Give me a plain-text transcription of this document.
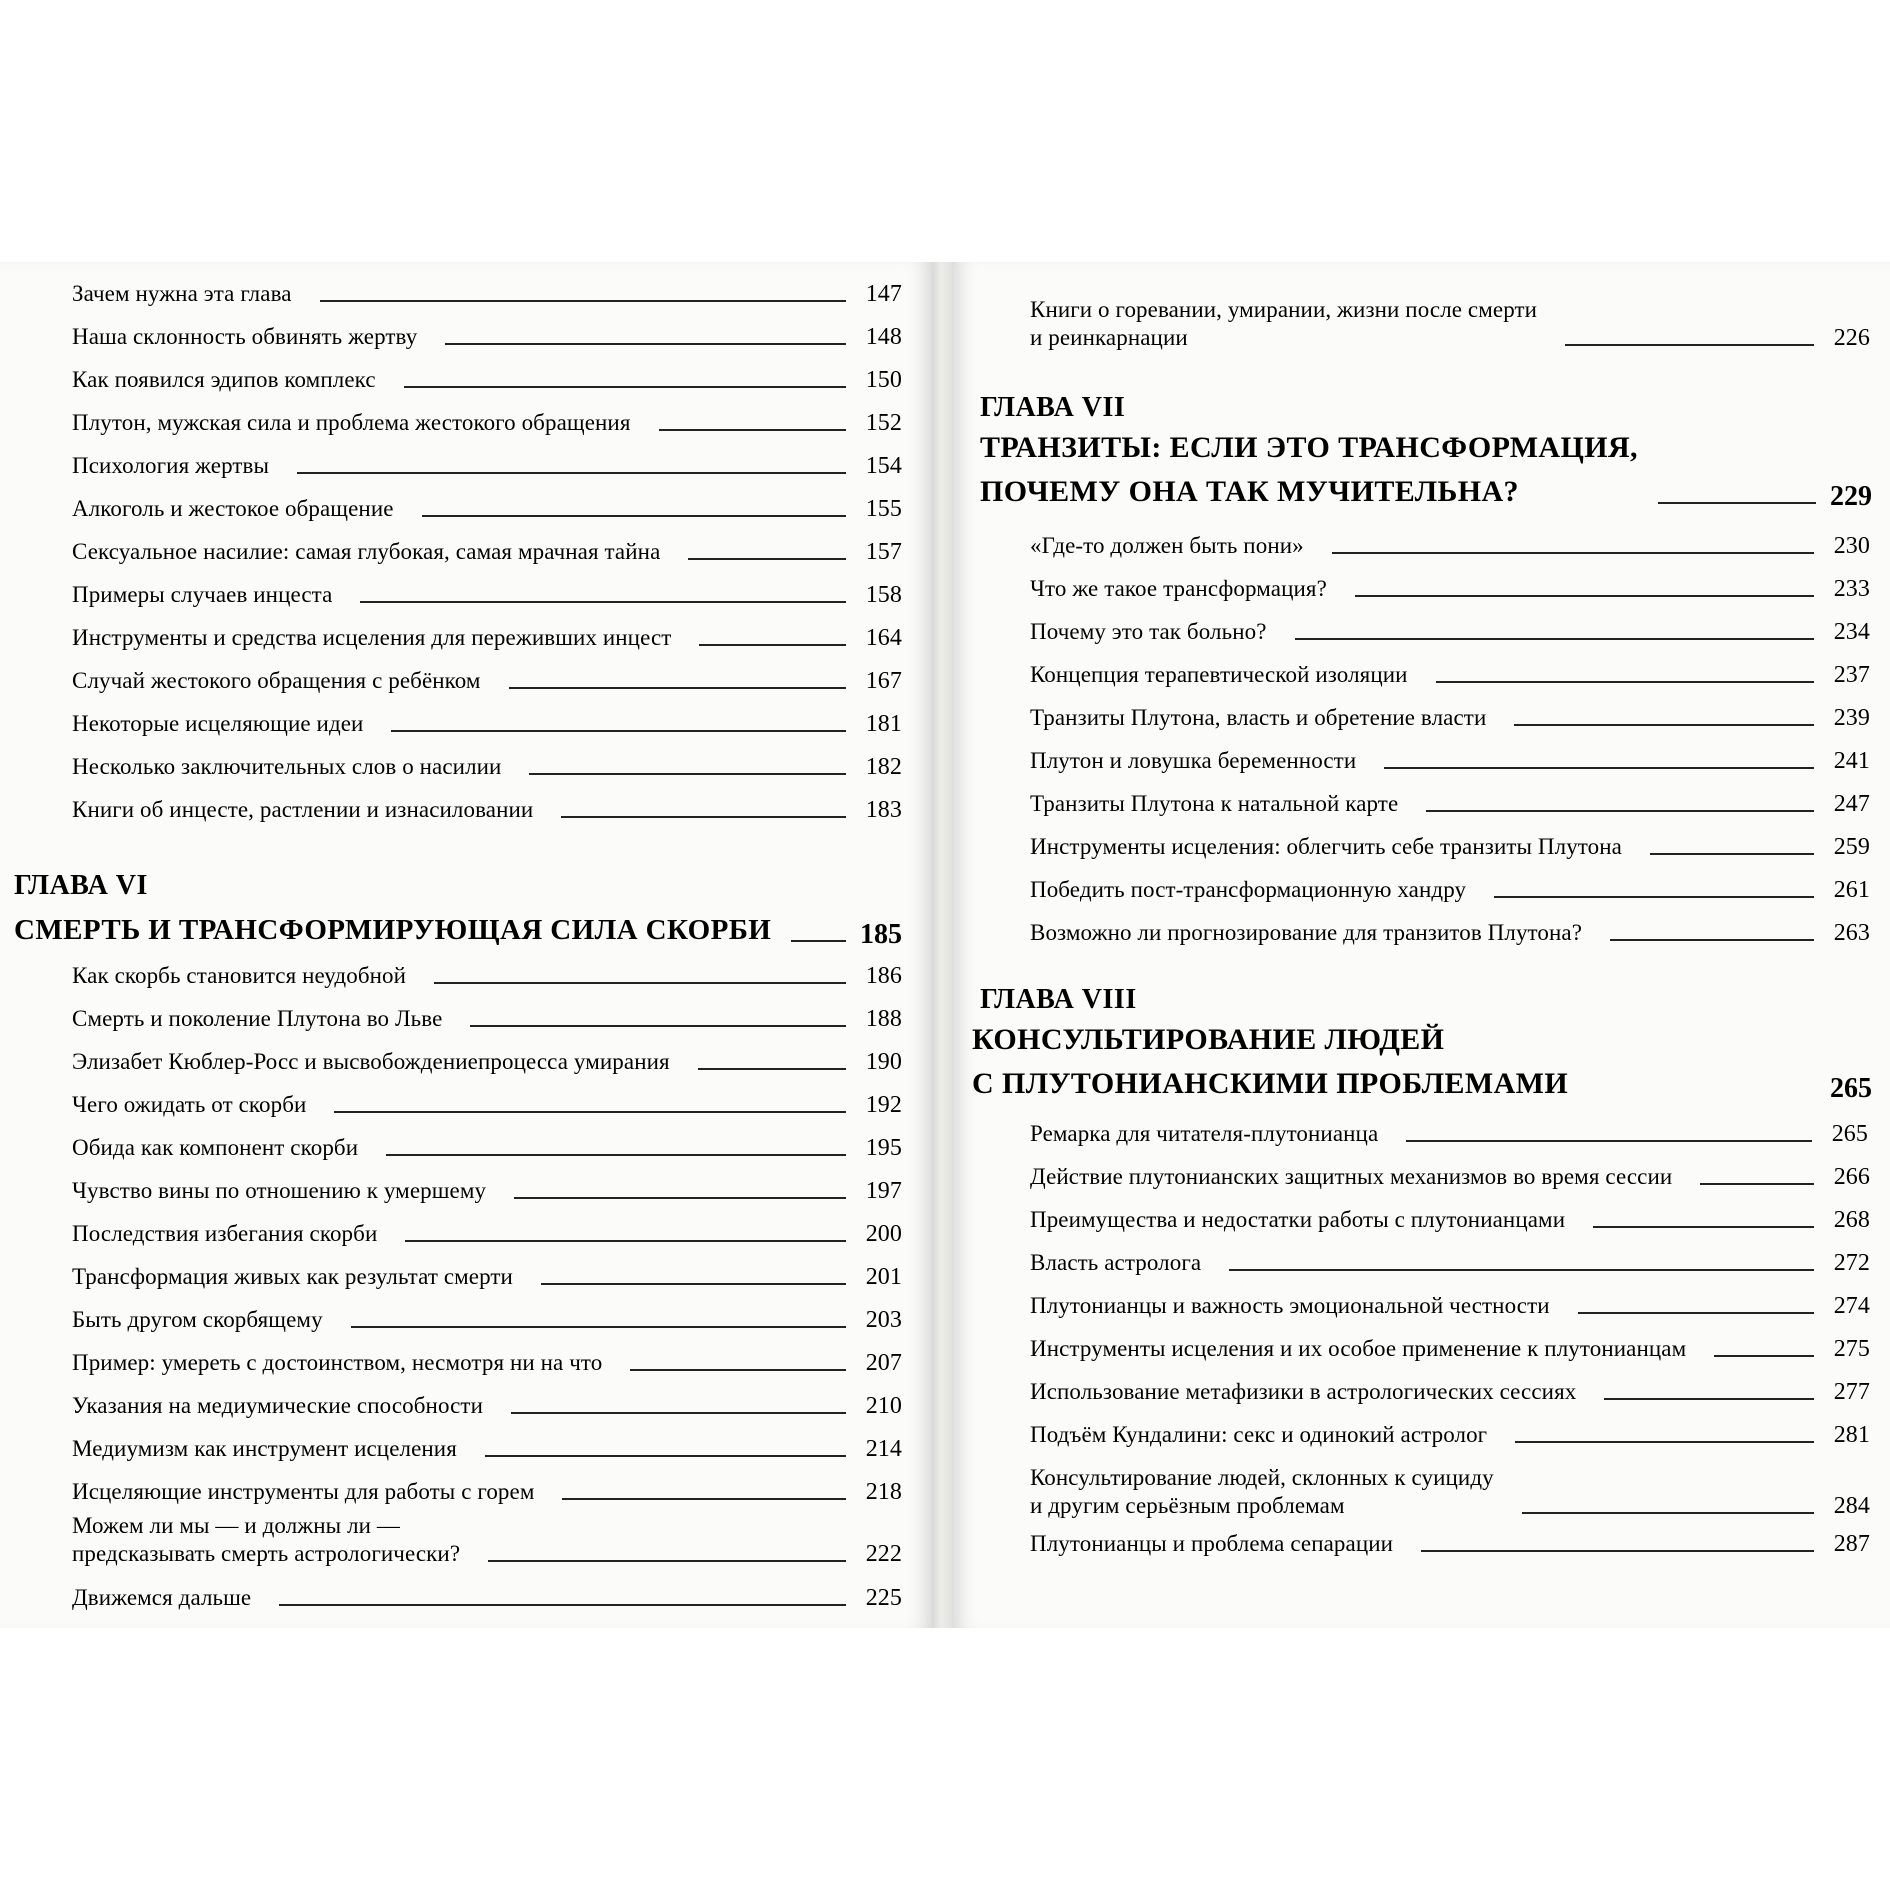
Зачем нужна эта глава	147
Наша склонность обвинять жертву	148
Как появился эдипов комплекс	150
Плутон, мужская сила и проблема жестокого обращения	152
Психология жертвы	154
Алкоголь и жестокое обращение	155
Сексуальное насилие: самая глубокая, самая мрачная тайна	157
Примеры случаев инцеста	158
Инструменты и средства исцеления для переживших инцест	164
Случай жестокого обращения с ребёнком	167
Некоторые исцеляющие идеи	181
Несколько заключительных слов о насилии	182
Книги об инцесте, растлении и изнасиловании	183
ГЛАВА VI
СМЕРТЬ И ТРАНСФОРМИРУЮЩАЯ СИЛА СКОРБИ	185
Как скорбь становится неудобной	186
Смерть и поколение Плутона во Льве	188
Элизабет Кюблер-Росс и высвобождениепроцесса умирания	190
Чего ожидать от скорби	192
Обида как компонент скорби	195
Чувство вины по отношению к умершему	197
Последствия избегания скорби	200
Трансформация живых как результат смерти	201
Быть другом скорбящему	203
Пример: умереть с достоинством, несмотря ни на что	207
Указания на медиумические способности	210
Медиумизм как инструмент исцеления	214
Исцеляющие инструменты для работы с горем	218
Можем ли мы — и должны ли —
предсказывать смерть астрологически?	222
Движемся дальше	225
Книги о горевании, умирании, жизни после смерти
и реинкарнации	226
ГЛАВА VII
ТРАНЗИТЫ: ЕСЛИ ЭТО ТРАНСФОРМАЦИЯ,
ПОЧЕМУ ОНА ТАК МУЧИТЕЛЬНА?	229
«Где-то должен быть пони»	230
Что же такое трансформация?	233
Почему это так больно?	234
Концепция терапевтической изоляции	237
Транзиты Плутона, власть и обретение власти	239
Плутон и ловушка беременности	241
Транзиты Плутона к натальной карте	247
Инструменты исцеления: облегчить себе транзиты Плутона	259
Победить пост-трансформационную хандру	261
Возможно ли прогнозирование для транзитов Плутона?	263
ГЛАВА VIII
КОНСУЛЬТИРОВАНИЕ ЛЮДЕЙ
С ПЛУТОНИАНСКИМИ ПРОБЛЕМАМИ	265
Ремарка для читателя-плутонианца	265
Действие плутонианских защитных механизмов во время сессии	266
Преимущества и недостатки работы с плутонианцами	268
Власть астролога	272
Плутонианцы и важность эмоциональной честности	274
Инструменты исцеления и их особое применение к плутонианцам	275
Использование метафизики в астрологических сессиях	277
Подъём Кундалини: секс и одинокий астролог	281
Консультирование людей, склонных к суициду
и другим серьёзным проблемам	284
Плутонианцы и проблема сепарации	287
